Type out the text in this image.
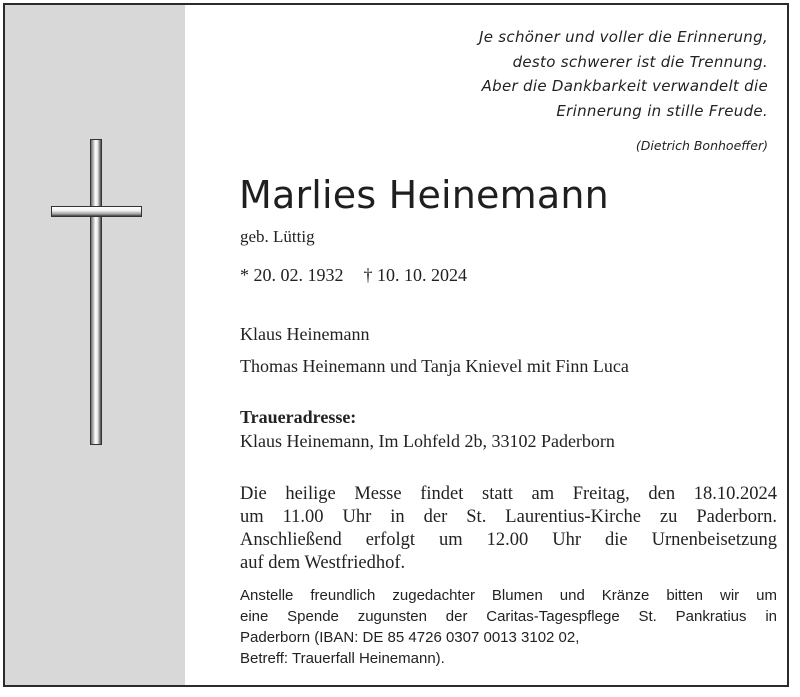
Je schöner und voller die Erinnerung,
desto schwerer ist die Trennung.
Aber die Dankbarkeit verwandelt die
Erinnerung in stille Freude.
(Dietrich Bonhoeffer)
Marlies Heinemann
geb. Lüttig
* 20. 02. 1932 † 10. 10. 2024
Klaus Heinemann
Thomas Heinemann und Tanja Knievel mit Finn Luca
Traueradresse:
Klaus Heinemann, Im Lohfeld 2b, 33102 Paderborn
Die heilige Messe findet statt am Freitag, den 18.10.2024
um 11.00 Uhr in der St. Laurentius-Kirche zu Paderborn.
Anschließend erfolgt um 12.00 Uhr die Urnenbeisetzung
auf dem Westfriedhof.
Anstelle freundlich zugedachter Blumen und Kränze bitten wir um
eine Spende zugunsten der Caritas-Tagespflege St. Pankratius in
Paderborn (IBAN: DE 85 4726 0307 0013 3102 02,
Betreff: Trauerfall Heinemann).
